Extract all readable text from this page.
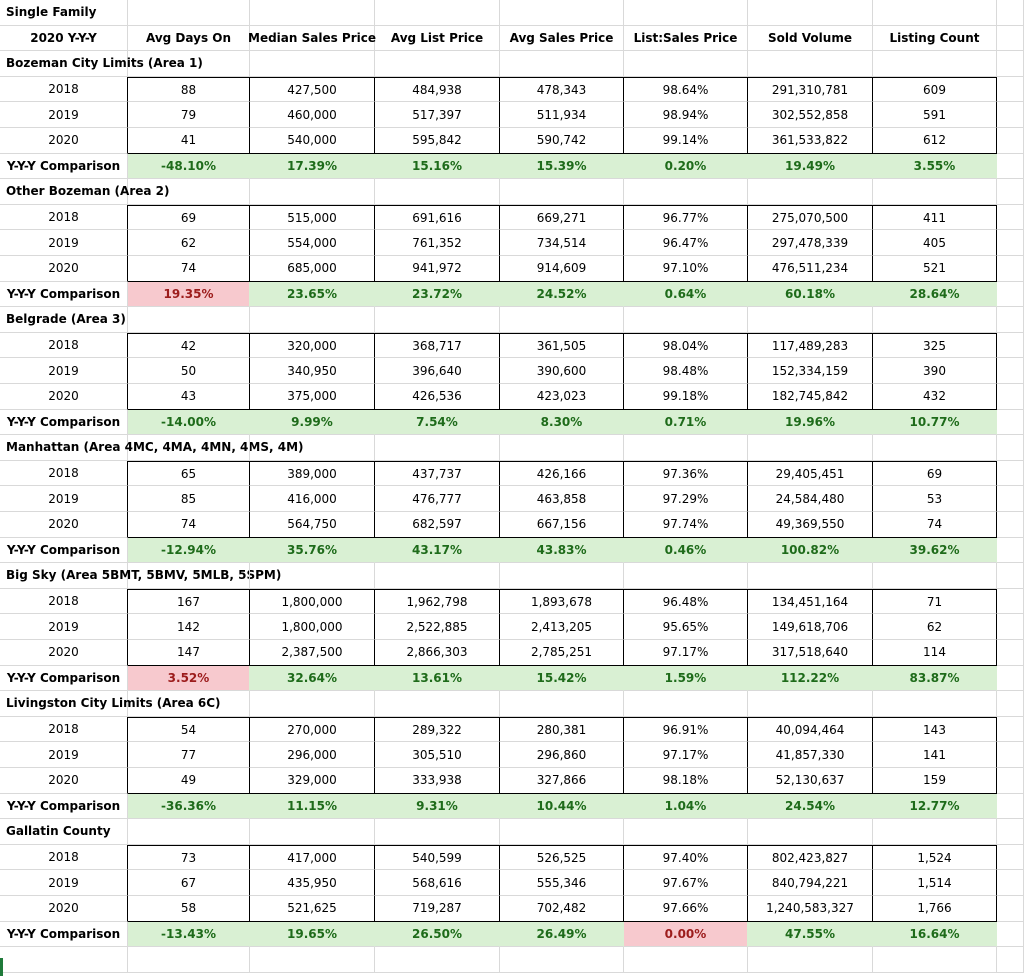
Single Family
2020 Y-Y-Y	Avg Days On	Median Sales Price	Avg List Price	Avg Sales Price	List:Sales Price	Sold Volume	Listing Count
Bozeman City Limits (Area 1)
2018	88	427,500	484,938	478,343	98.64%	291,310,781	609
2019	79	460,000	517,397	511,934	98.94%	302,552,858	591
2020	41	540,000	595,842	590,742	99.14%	361,533,822	612
Y-Y-Y Comparison	-48.10%	17.39%	15.16%	15.39%	0.20%	19.49%	3.55%
Other Bozeman (Area 2)
2018	69	515,000	691,616	669,271	96.77%	275,070,500	411
2019	62	554,000	761,352	734,514	96.47%	297,478,339	405
2020	74	685,000	941,972	914,609	97.10%	476,511,234	521
Y-Y-Y Comparison	19.35%	23.65%	23.72%	24.52%	0.64%	60.18%	28.64%
Belgrade (Area 3)
2018	42	320,000	368,717	361,505	98.04%	117,489,283	325
2019	50	340,950	396,640	390,600	98.48%	152,334,159	390
2020	43	375,000	426,536	423,023	99.18%	182,745,842	432
Y-Y-Y Comparison	-14.00%	9.99%	7.54%	8.30%	0.71%	19.96%	10.77%
Manhattan (Area 4MC, 4MA, 4MN, 4MS, 4M)
2018	65	389,000	437,737	426,166	97.36%	29,405,451	69
2019	85	416,000	476,777	463,858	97.29%	24,584,480	53
2020	74	564,750	682,597	667,156	97.74%	49,369,550	74
Y-Y-Y Comparison	-12.94%	35.76%	43.17%	43.83%	0.46%	100.82%	39.62%
Big Sky (Area 5BMT, 5BMV, 5MLB, 5SPM)
2018	167	1,800,000	1,962,798	1,893,678	96.48%	134,451,164	71
2019	142	1,800,000	2,522,885	2,413,205	95.65%	149,618,706	62
2020	147	2,387,500	2,866,303	2,785,251	97.17%	317,518,640	114
Y-Y-Y Comparison	3.52%	32.64%	13.61%	15.42%	1.59%	112.22%	83.87%
Livingston City Limits (Area 6C)
2018	54	270,000	289,322	280,381	96.91%	40,094,464	143
2019	77	296,000	305,510	296,860	97.17%	41,857,330	141
2020	49	329,000	333,938	327,866	98.18%	52,130,637	159
Y-Y-Y Comparison	-36.36%	11.15%	9.31%	10.44%	1.04%	24.54%	12.77%
Gallatin County
2018	73	417,000	540,599	526,525	97.40%	802,423,827	1,524
2019	67	435,950	568,616	555,346	97.67%	840,794,221	1,514
2020	58	521,625	719,287	702,482	97.66%	1,240,583,327	1,766
Y-Y-Y Comparison	-13.43%	19.65%	26.50%	26.49%	0.00%	47.55%	16.64%
